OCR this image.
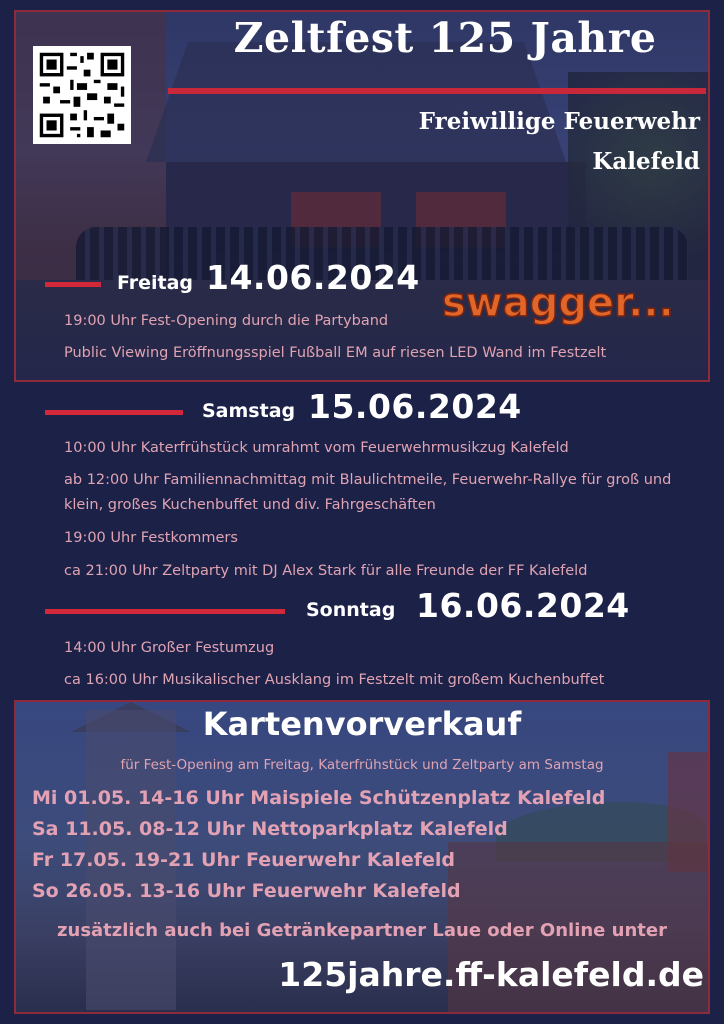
Zeltfest 125 Jahre
Freiwillige Feuerwehr
Kalefeld
Freitag 14.06.2024
swagger...
19:00 Uhr Fest-Opening durch die Partyband
Public Viewing Eröffnungsspiel Fußball EM auf riesen LED Wand im Festzelt
Samstag 15.06.2024
10:00 Uhr Katerfrühstück umrahmt vom Feuerwehrmusikzug Kalefeld
ab 12:00 Uhr Familiennachmittag mit Blaulichtmeile, Feuerwehr-Rallye für groß und klein, großes Kuchenbuffet und div. Fahrgeschäften
19:00 Uhr Festkommers
ca 21:00 Uhr Zeltparty mit DJ Alex Stark für alle Freunde der FF Kalefeld
Sonntag 16.06.2024
14:00 Uhr Großer Festumzug
ca 16:00 Uhr Musikalischer Ausklang im Festzelt mit großem Kuchenbuffet
Kartenvorverkauf
für Fest-Opening am Freitag, Katerfrühstück und Zeltparty am Samstag
Mi 01.05. 14-16 Uhr Maispiele Schützenplatz Kalefeld
Sa 11.05. 08-12 Uhr Nettoparkplatz Kalefeld
Fr 17.05. 19-21 Uhr Feuerwehr Kalefeld
So 26.05. 13-16 Uhr Feuerwehr Kalefeld
zusätzlich auch bei Getränkepartner Laue oder Online unter
125jahre.ff-kalefeld.de
